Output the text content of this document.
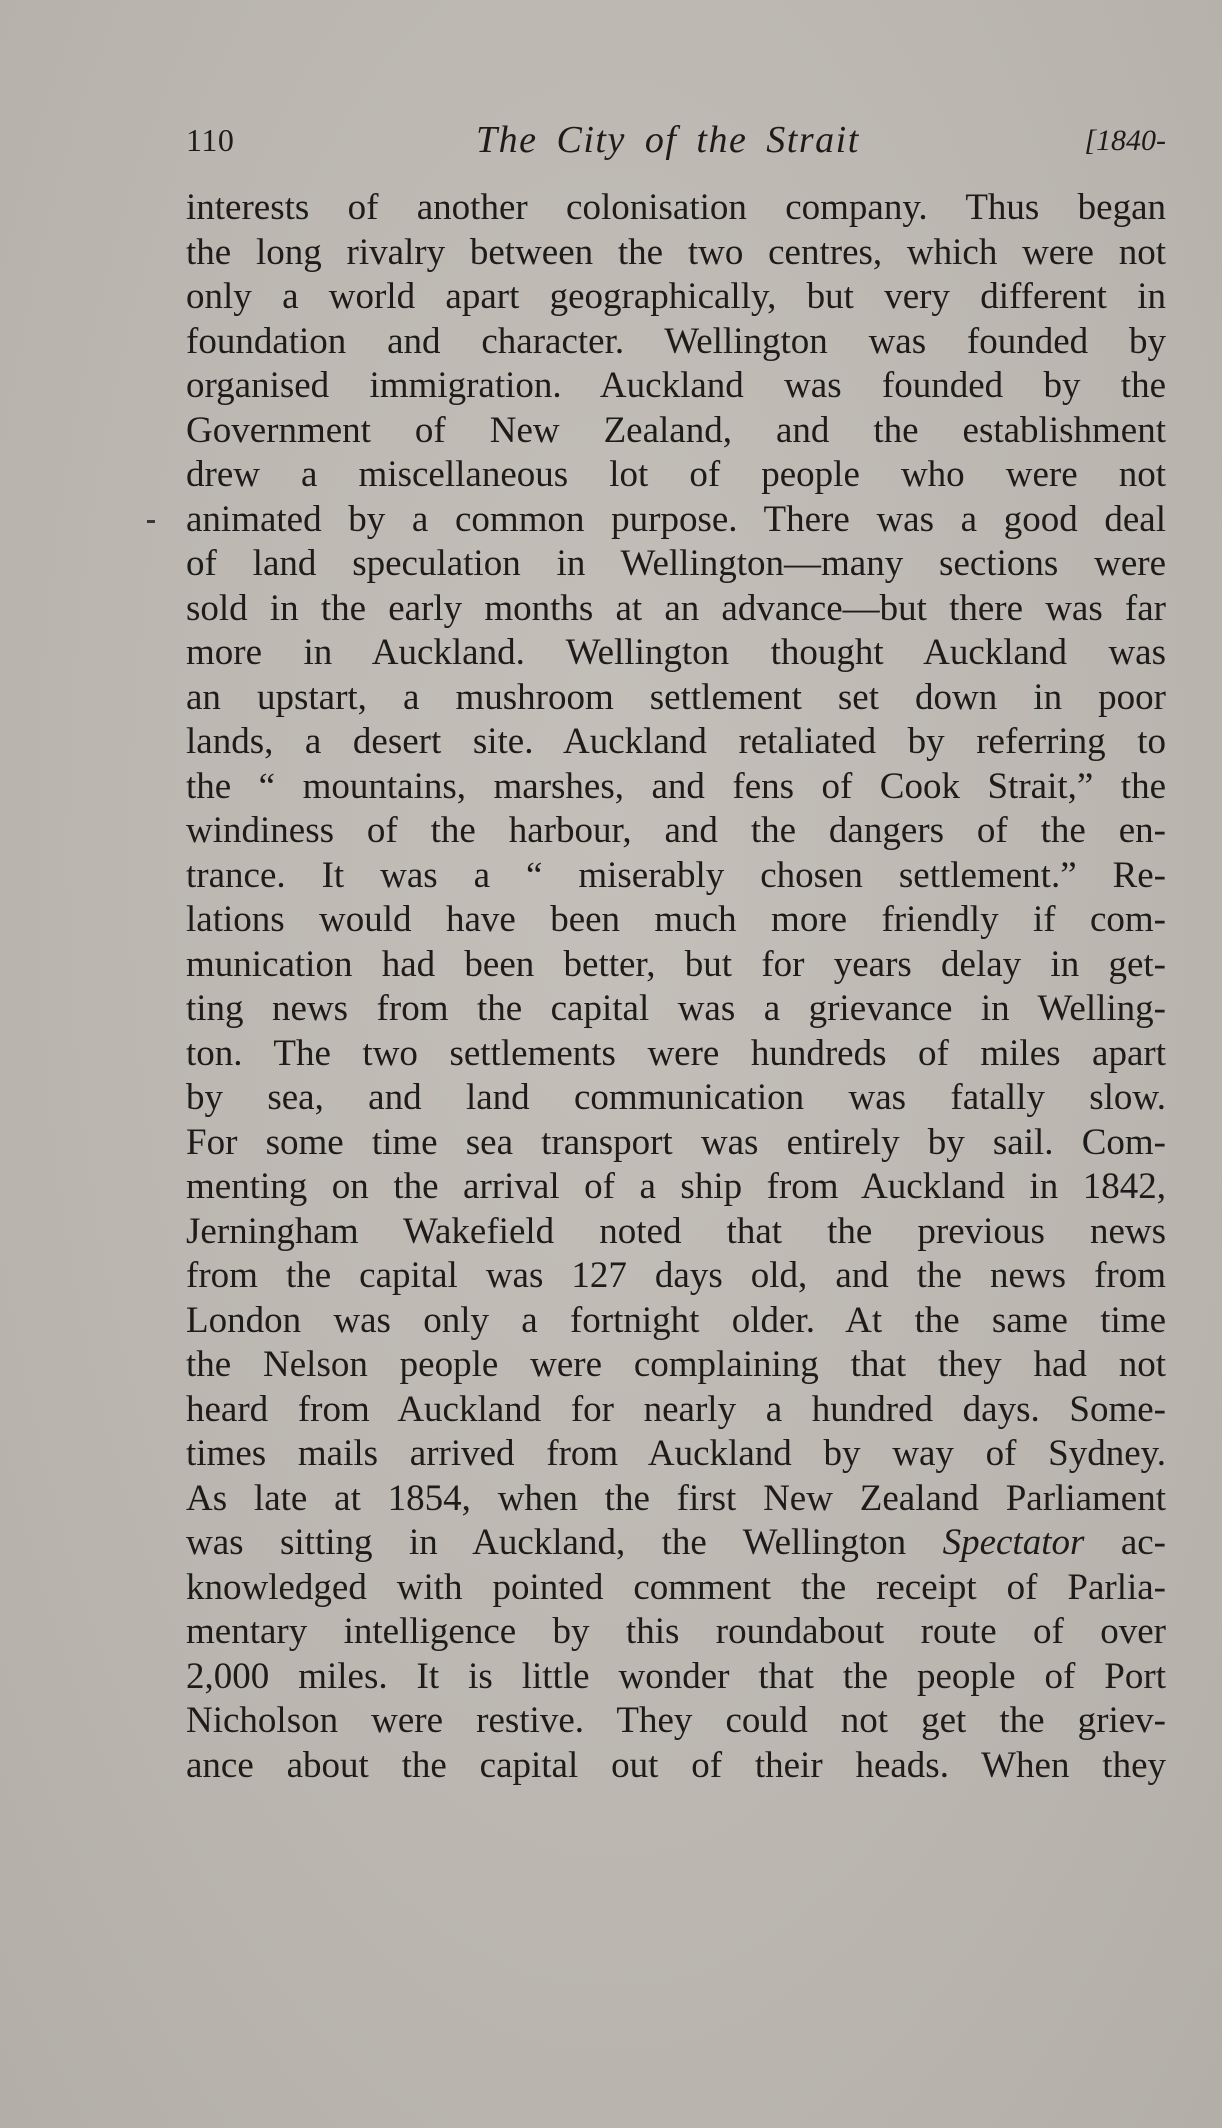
110	The City of the Strait	[1840-
interests of another colonisation company. Thus began
the long rivalry between the two centres, which were not
only a world apart geographically, but very different in
foundation and character. Wellington was founded by
organised immigration. Auckland was founded by the
Government of New Zealand, and the establishment
drew a miscellaneous lot of people who were not
animated by a common purpose. There was a good deal
of land speculation in Wellington—many sections were
sold in the early months at an advance—but there was far
more in Auckland. Wellington thought Auckland was
an upstart, a mushroom settlement set down in poor
lands, a desert site. Auckland retaliated by referring to
the “ mountains, marshes, and fens of Cook Strait,” the
windiness of the harbour, and the dangers of the en-
trance. It was a “ miserably chosen settlement.” Re-
lations would have been much more friendly if com-
munication had been better, but for years delay in get-
ting news from the capital was a grievance in Welling-
ton. The two settlements were hundreds of miles apart
by sea, and land communication was fatally slow.
For some time sea transport was entirely by sail. Com-
menting on the arrival of a ship from Auckland in 1842,
Jerningham Wakefield noted that the previous news
from the capital was 127 days old, and the news from
London was only a fortnight older. At the same time
the Nelson people were complaining that they had not
heard from Auckland for nearly a hundred days. Some-
times mails arrived from Auckland by way of Sydney.
As late at 1854, when the first New Zealand Parliament
was sitting in Auckland, the Wellington Spectator ac-
knowledged with pointed comment the receipt of Parlia-
mentary intelligence by this roundabout route of over
2,000 miles. It is little wonder that the people of Port
Nicholson were restive. They could not get the griev-
ance about the capital out of their heads. When they
